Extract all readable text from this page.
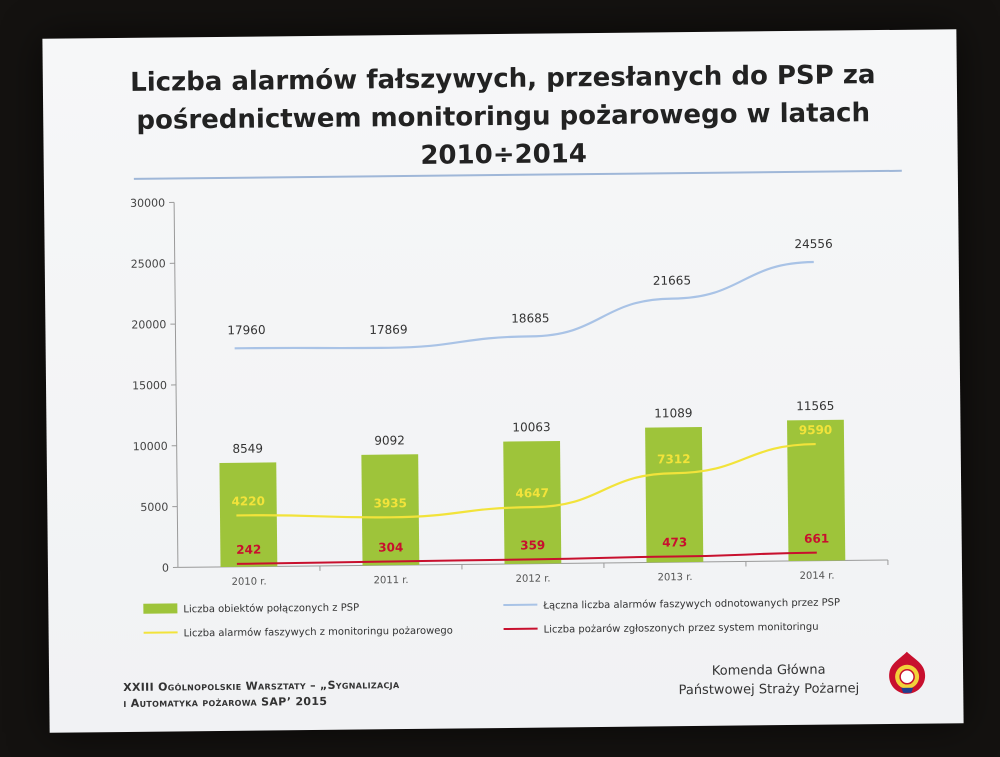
Liczba alarmów fałszywych, przesłanych do PSP za
pośrednictwem monitoringu pożarowego w latach
2010÷2014
0
5000
10000
15000
20000
25000
30000
2010 r.	2011 r.	2012 r.	2013 r.	2014 r.
8549
9092
10063
11089
11565
17960	17869
18685
21665
24556
4220	3935
4647
7312
9590
242	304	359	473	661
Liczba obiektów połączonych z PSP	Łączna liczba alarmów faszywych odnotowanych przez PSP
Liczba alarmów faszywych z monitoringu pożarowego	Liczba pożarów zgłoszonych przez system monitoringu
XXIII Ogólnopolskie Warsztaty – „Sygnalizacja
i Automatyka pożarowa SAP’ 2015
Komenda Główna
Państwowej Straży Pożarnej
